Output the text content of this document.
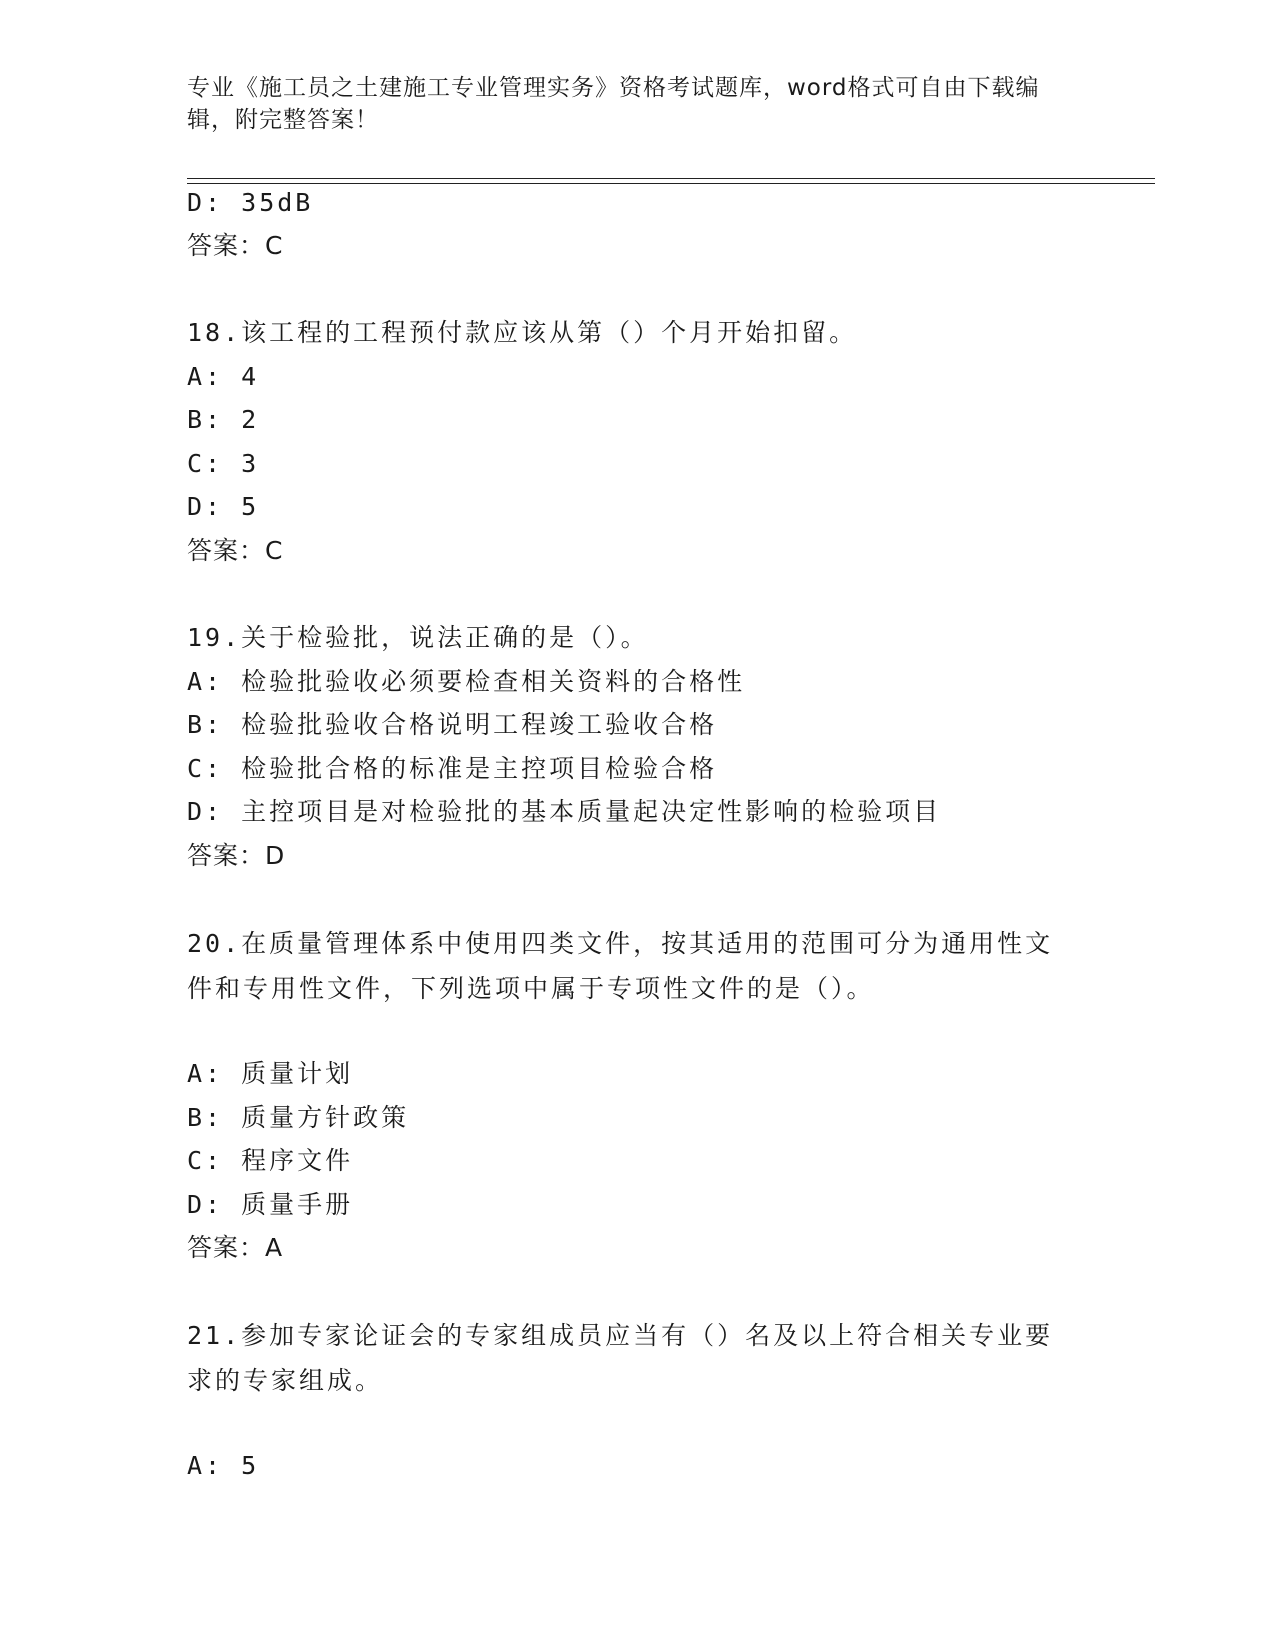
专业《施工员之土建施工专业管理实务》资格考试题库，word格式可自由下载编辑，附完整答案！
D: 35dB
答案：C
18.该工程的工程预付款应该从第（）个月开始扣留。
A: 4
B: 2
C: 3
D: 5
答案：C
19.关于检验批，说法正确的是（）。
A: 检验批验收必须要检查相关资料的合格性
B: 检验批验收合格说明工程竣工验收合格
C: 检验批合格的标准是主控项目检验合格
D: 主控项目是对检验批的基本质量起决定性影响的检验项目
答案：D
20.在质量管理体系中使用四类文件，按其适用的范围可分为通用性文件和专用性文件，下列选项中属于专项性文件的是（）。
A: 质量计划
B: 质量方针政策
C: 程序文件
D: 质量手册
答案：A
21.参加专家论证会的专家组成员应当有（）名及以上符合相关专业要求的专家组成。
A: 5
